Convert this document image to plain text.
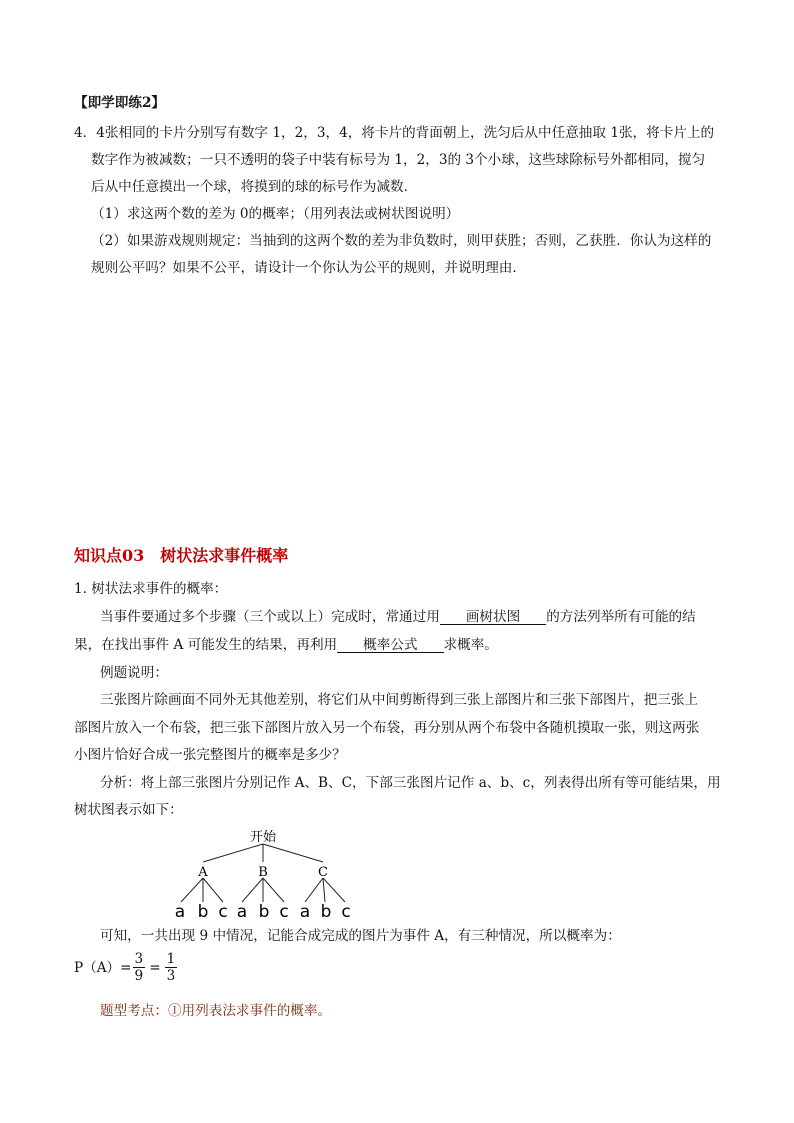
【即学即练2】
4．4张相同的卡片分别写有数字 1，2，3，4，将卡片的背面朝上，洗匀后从中任意抽取 1张，将卡片上的
数字作为被减数；一只不透明的袋子中装有标号为 1，2，3的 3个小球，这些球除标号外都相同，搅匀
后从中任意摸出一个球，将摸到的球的标号作为减数．
（1）求这两个数的差为 0的概率；（用列表法或树状图说明）
（2）如果游戏规则规定：当抽到的这两个数的差为非负数时，则甲获胜；否则，乙获胜．你认为这样的
规则公平吗？如果不公平，请设计一个你认为公平的规则，并说明理由．
知识点03　树状法求事件概率
1. 树状法求事件的概率：
当事件要通过多个步骤（三个或以上）完成时，常通过用 画树状图 的方法列举所有可能的结
果，在找出事件 A 可能发生的结果，再利用 概率公式 求概率。
例题说明：
三张图片除画面不同外无其他差别，将它们从中间剪断得到三张上部图片和三张下部图片，把三张上
部图片放入一个布袋，把三张下部图片放入另一个布袋，再分别从两个布袋中各随机摸取一张，则这两张
小图片恰好合成一张完整图片的概率是多少？
分析：将上部三张图片分别记作 A、B、C，下部三张图片记作 a、b、c，列表得出所有等可能结果，用
树状图表示如下：
开始
A	B	C
a b c a b c a b c
可知，一共出现 9 中情况，记能合成完成的图片为事件 A，有三种情况，所以概率为：
$P(A)= \frac{3}{9} = \frac{1}{3}$
题型考点：①用列表法求事件的概率。
